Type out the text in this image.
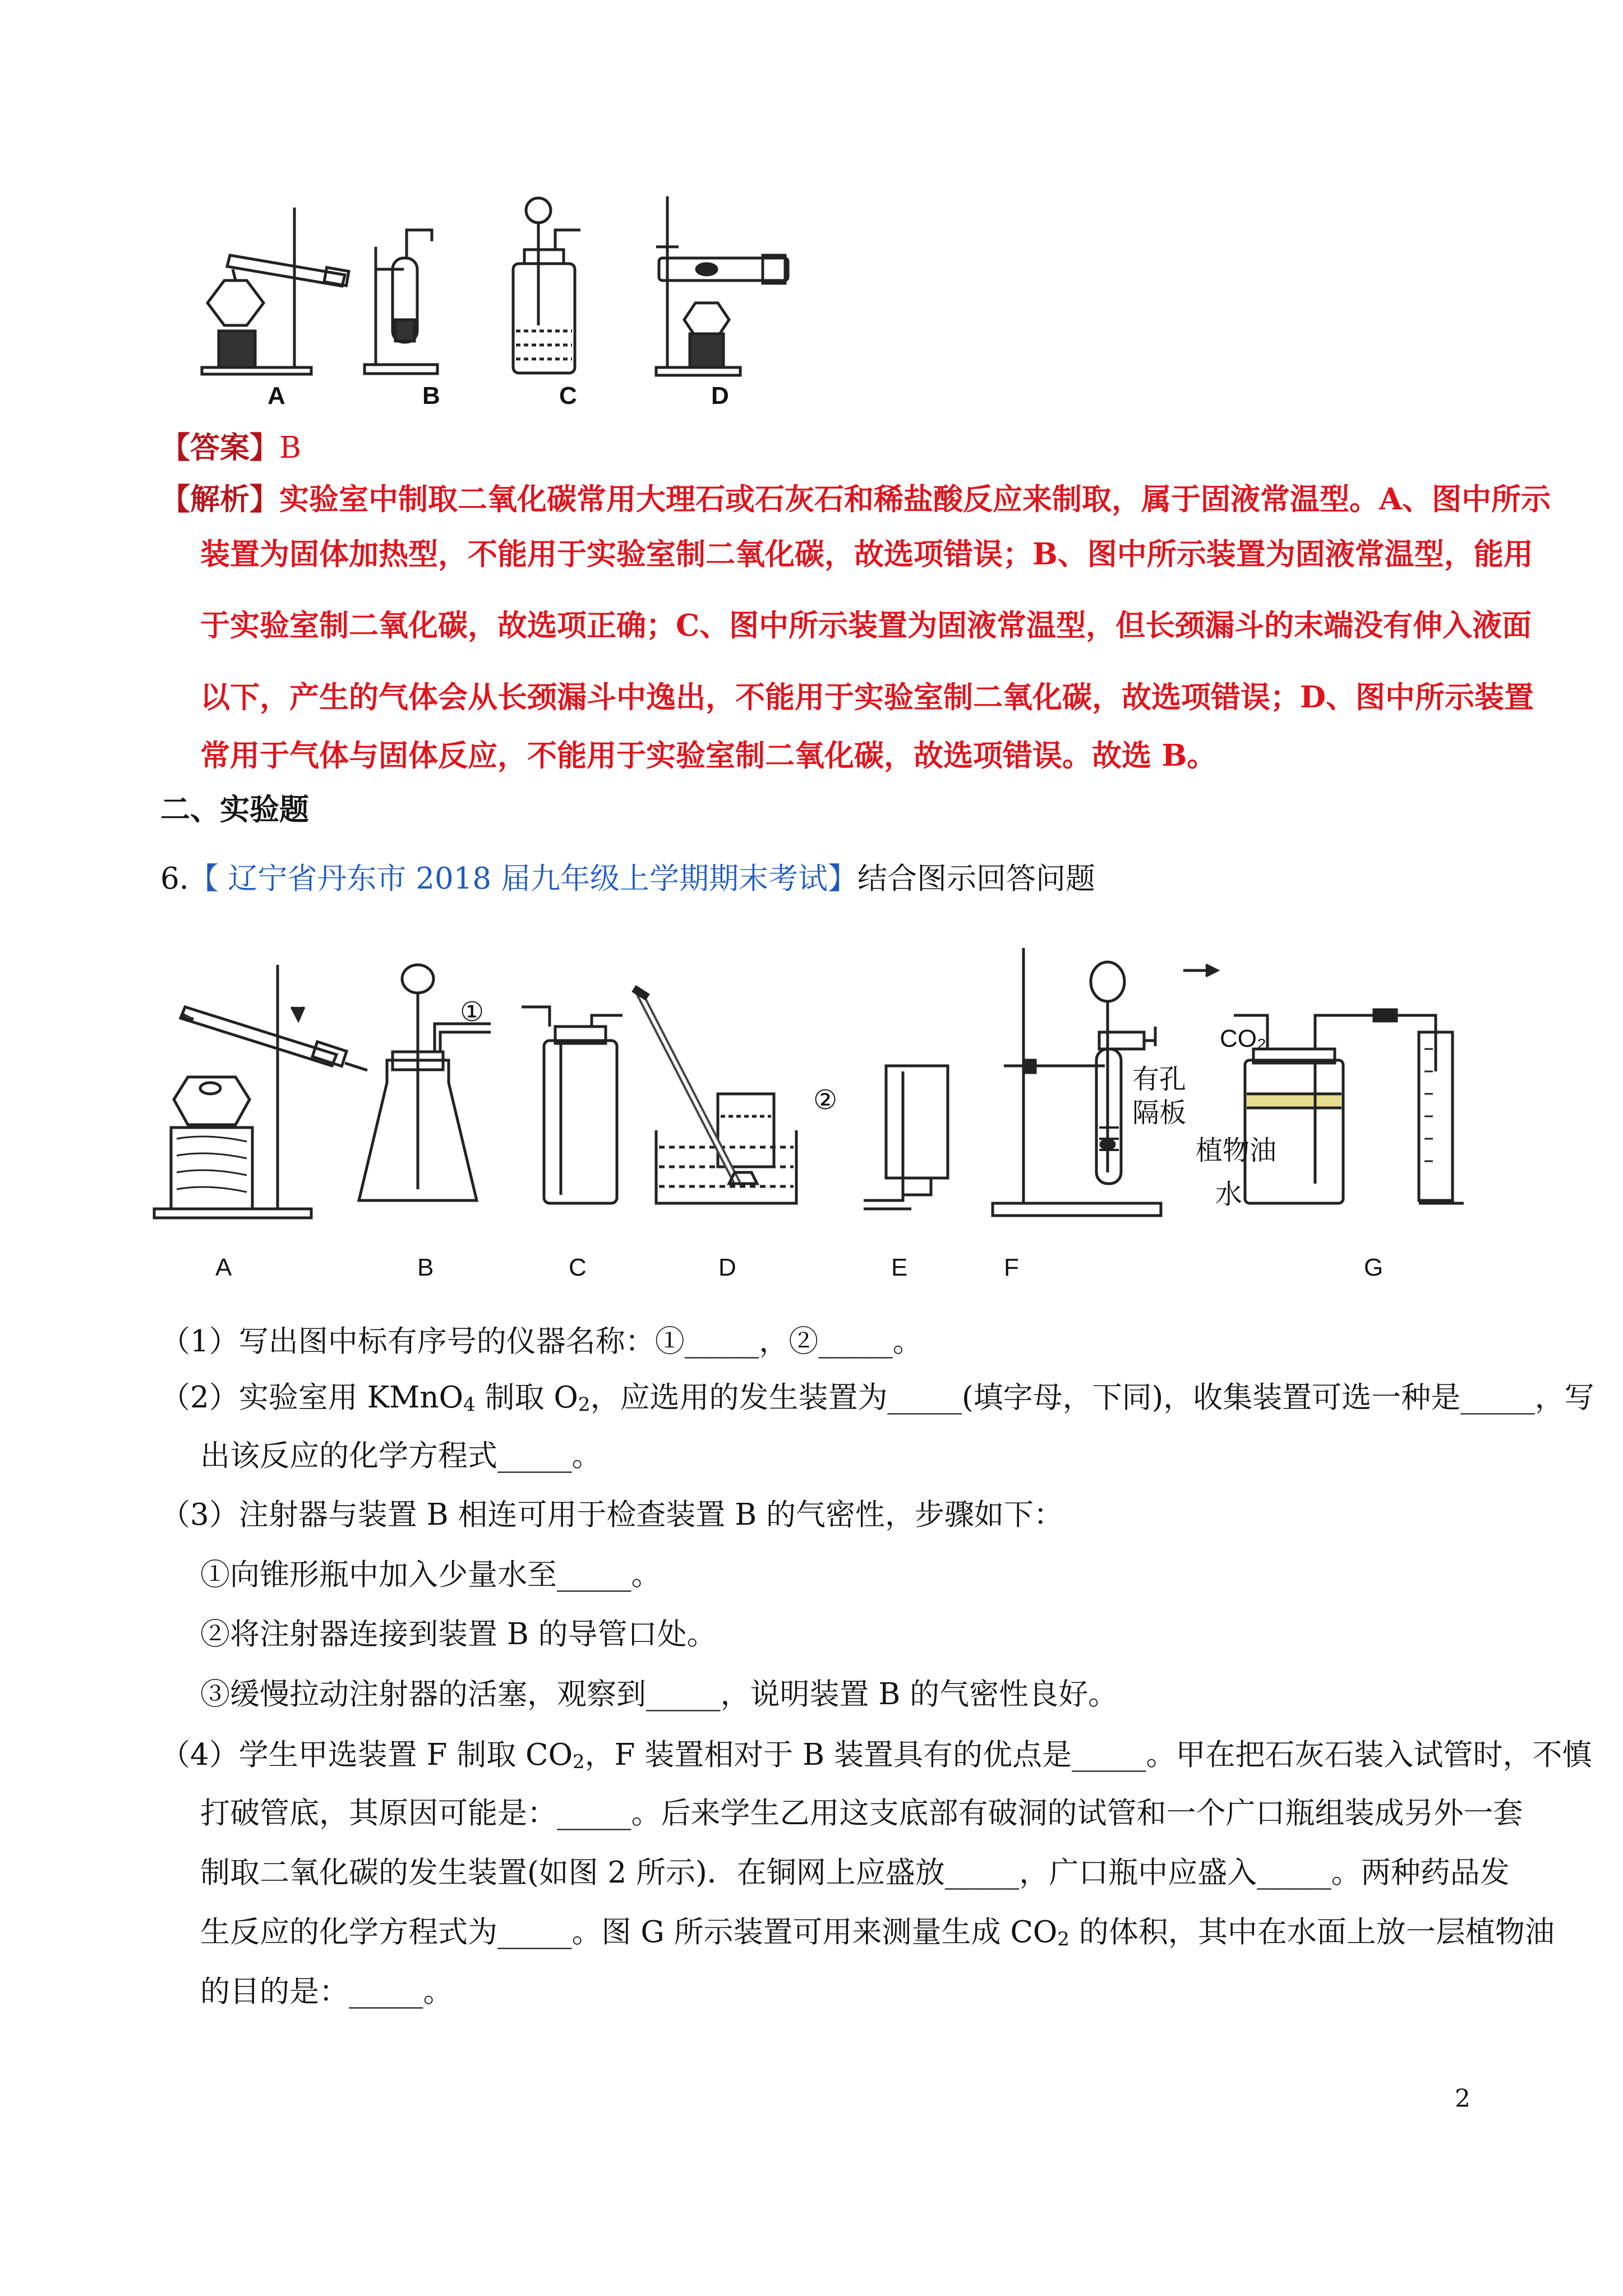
A	B	C	D
【答案】B
【解析】实验室中制取二氧化碳常用大理石或石灰石和稀盐酸反应来制取，属于固液常温型。A、图中所示
装置为固体加热型，不能用于实验室制二氧化碳，故选项错误；B、图中所示装置为固液常温型，能用
于实验室制二氧化碳，故选项正确；C、图中所示装置为固液常温型，但长颈漏斗的末端没有伸入液面
以下，产生的气体会从长颈漏斗中逸出，不能用于实验室制二氧化碳，故选项错误；D、图中所示装置
常用于气体与固体反应，不能用于实验室制二氧化碳，故选项错误。故选 B。
二、实验题
6.【 辽宁省丹东市 2018 届九年级上学期期末考试】结合图示回答问题
①
②
CO₂
有孔
隔板
植物油
水
A	B	C	D	E	F	G
（1）写出图中标有序号的仪器名称：①_____，②_____。
（2）实验室用 KMnO$_4$ 制取 $O_2$，应选用的发生装置为_____(填字母，下同)，收集装置可选一种是_____，写
出该反应的化学方程式_____。
（3）注射器与装置 B 相连可用于检查装置 B 的气密性，步骤如下：
①向锥形瓶中加入少量水至_____。
②将注射器连接到装置 B 的导管口处。
③缓慢拉动注射器的活塞，观察到_____，说明装置 B 的气密性良好。
（4）学生甲选装置 F 制取 $CO_2$，F 装置相对于 B 装置具有的优点是_____。甲在把石灰石装入试管时，不慎
打破管底，其原因可能是：_____。后来学生乙用这支底部有破洞的试管和一个广口瓶组装成另外一套
制取二氧化碳的发生装置(如图 2 所示)．在铜网上应盛放_____，广口瓶中应盛入_____。两种药品发
生反应的化学方程式为_____。图 G 所示装置可用来测量生成 $CO_2$ 的体积，其中在水面上放一层植物油
的目的是：_____。
2
